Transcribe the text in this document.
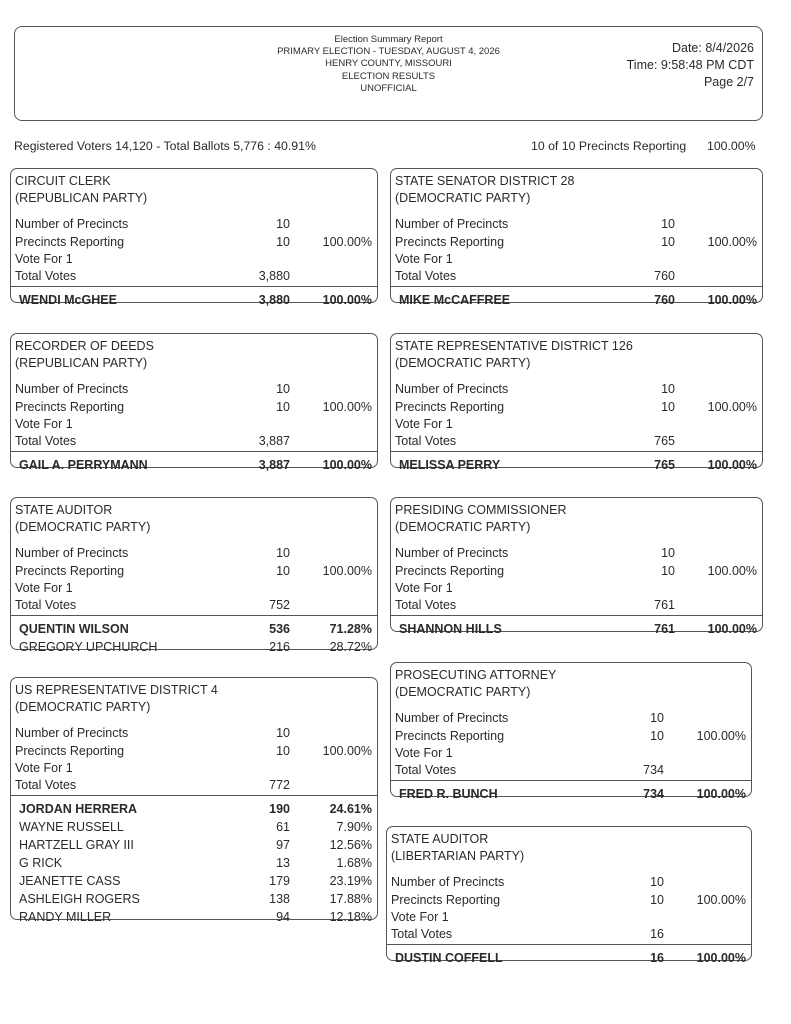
Election Summary Report
PRIMARY ELECTION - TUESDAY, AUGUST 4, 2026
HENRY COUNTY, MISSOURI
ELECTION RESULTS
UNOFFICIAL
Date: 8/4/2026
Time: 9:58:48 PM CDT
Page 2/7
Registered Voters 14,120 - Total Ballots 5,776 : 40.91%	10 of 10 Precincts Reporting 100.00%
CIRCUIT CLERK
(REPUBLICAN PARTY)
Number of Precincts	10
Precincts Reporting	10	100.00%
Vote For 1
Total Votes	3,880
WENDI McGHEE	3,880	100.00%
RECORDER OF DEEDS
(REPUBLICAN PARTY)
Number of Precincts	10
Precincts Reporting	10	100.00%
Vote For 1
Total Votes	3,887
GAIL A. PERRYMANN	3,887	100.00%
STATE AUDITOR
(DEMOCRATIC PARTY)
Number of Precincts	10
Precincts Reporting	10	100.00%
Vote For 1
Total Votes	752
QUENTIN WILSON	536	71.28%
GREGORY UPCHURCH	216	28.72%
US REPRESENTATIVE DISTRICT 4
(DEMOCRATIC PARTY)
Number of Precincts	10
Precincts Reporting	10	100.00%
Vote For 1
Total Votes	772
JORDAN HERRERA	190	24.61%
WAYNE RUSSELL	61	7.90%
HARTZELL GRAY III	97	12.56%
G RICK	13	1.68%
JEANETTE CASS	179	23.19%
ASHLEIGH ROGERS	138	17.88%
RANDY MILLER	94	12.18%
STATE SENATOR DISTRICT 28
(DEMOCRATIC PARTY)
Number of Precincts	10
Precincts Reporting	10	100.00%
Vote For 1
Total Votes	760
MIKE McCAFFREE	760	100.00%
STATE REPRESENTATIVE DISTRICT 126
(DEMOCRATIC PARTY)
Number of Precincts	10
Precincts Reporting	10	100.00%
Vote For 1
Total Votes	765
MELISSA PERRY	765	100.00%
PRESIDING COMMISSIONER
(DEMOCRATIC PARTY)
Number of Precincts	10
Precincts Reporting	10	100.00%
Vote For 1
Total Votes	761
SHANNON HILLS	761	100.00%
PROSECUTING ATTORNEY
(DEMOCRATIC PARTY)
Number of Precincts	10
Precincts Reporting	10	100.00%
Vote For 1
Total Votes	734
FRED R. BUNCH	734	100.00%
STATE AUDITOR
(LIBERTARIAN PARTY)
Number of Precincts	10
Precincts Reporting	10	100.00%
Vote For 1
Total Votes	16
DUSTIN COFFELL	16	100.00%
